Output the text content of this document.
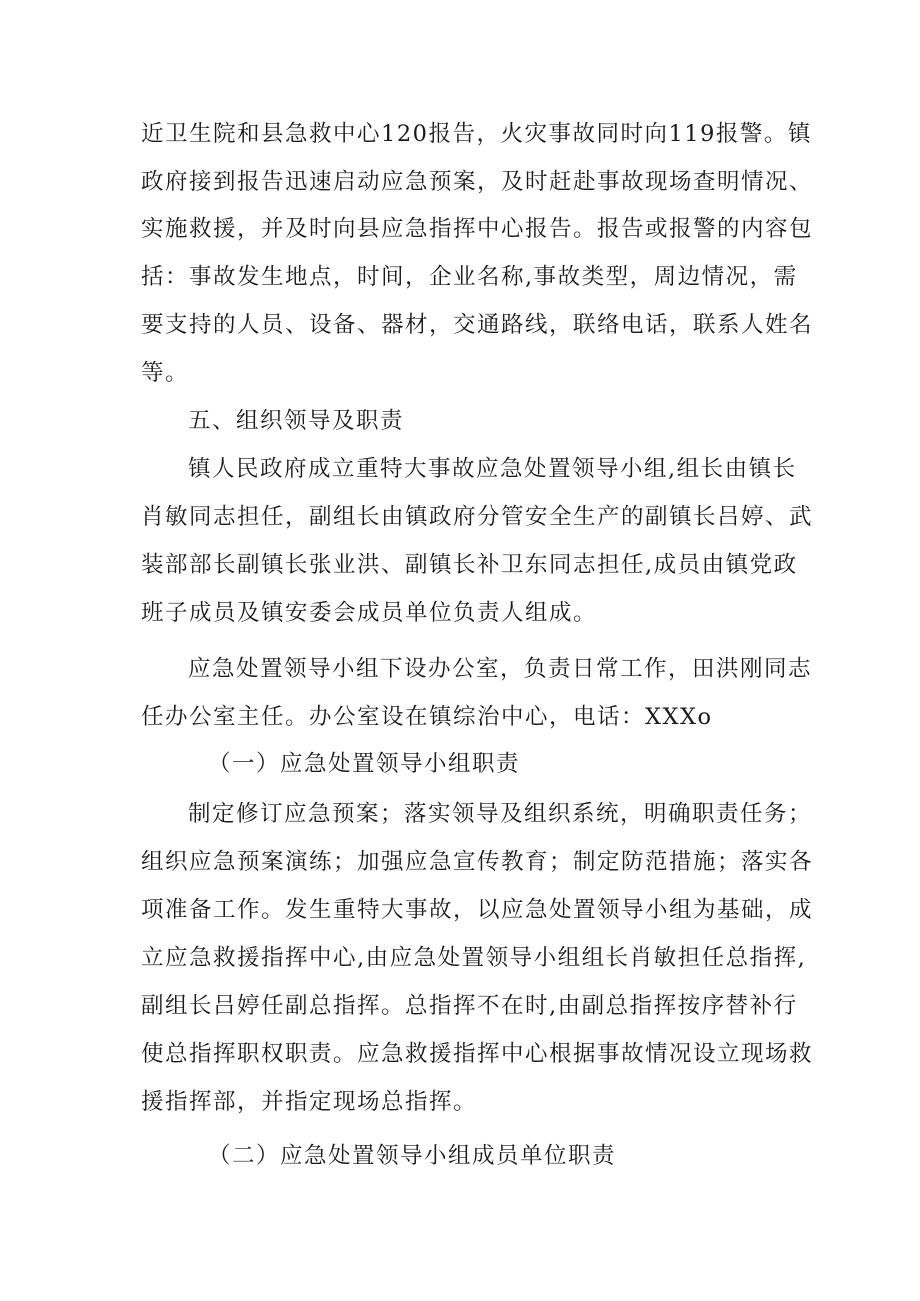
近卫生院和县急救中心120报告，火灾事故同时向119报警。镇
政府接到报告迅速启动应急预案，及时赶赴事故现场查明情况、
实施救援，并及时向县应急指挥中心报告。报告或报警的内容包
括：事故发生地点，时间，企业名称,事故类型，周边情况，需
要支持的人员、设备、器材，交通路线，联络电话，联系人姓名
等。
五、组织领导及职责
镇人民政府成立重特大事故应急处置领导小组,组长由镇长
肖敏同志担任，副组长由镇政府分管安全生产的副镇长吕婷、武
装部部长副镇长张业洪、副镇长补卫东同志担任,成员由镇党政
班子成员及镇安委会成员单位负责人组成。
应急处置领导小组下设办公室，负责日常工作，田洪刚同志
任办公室主任。办公室设在镇综治中心，电话：XXXo
（一）应急处置领导小组职责
制定修订应急预案；落实领导及组织系统，明确职责任务；
组织应急预案演练；加强应急宣传教育；制定防范措施；落实各
项准备工作。发生重特大事故，以应急处置领导小组为基础，成
立应急救援指挥中心,由应急处置领导小组组长肖敏担任总指挥,
副组长吕婷任副总指挥。总指挥不在时,由副总指挥按序替补行
使总指挥职权职责。应急救援指挥中心根据事故情况设立现场救
援指挥部，并指定现场总指挥。
（二）应急处置领导小组成员单位职责
